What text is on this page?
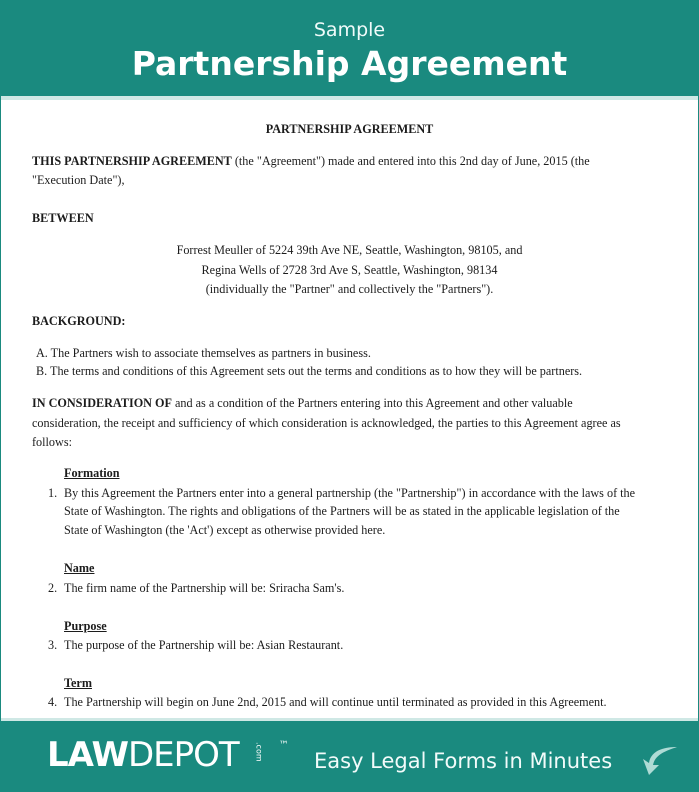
Sample
Partnership Agreement
PARTNERSHIP AGREEMENT
THIS PARTNERSHIP AGREEMENT (the "Agreement") made and entered into this 2nd day of June, 2015 (the
"Execution Date"),
BETWEEN
Forrest Meuller of 5224 39th Ave NE, Seattle, Washington, 98105, and
Regina Wells of 2728 3rd Ave S, Seattle, Washington, 98134
(individually the "Partner" and collectively the "Partners").
BACKGROUND:
A. The Partners wish to associate themselves as partners in business.
B. The terms and conditions of this Agreement sets out the terms and conditions as to how they will be partners.
IN CONSIDERATION OF and as a condition of the Partners entering into this Agreement and other valuable
consideration, the receipt and sufficiency of which consideration is acknowledged, the parties to this Agreement agree as
follows:
Formation
1. By this Agreement the Partners enter into a general partnership (the "Partnership") in accordance with the laws of the
State of Washington. The rights and obligations of the Partners will be as stated in the applicable legislation of the
State of Washington (the 'Act') except as otherwise provided here.
Name
2. The firm name of the Partnership will be: Sriracha Sam's.
Purpose
3. The purpose of the Partnership will be: Asian Restaurant.
Term
4. The Partnership will begin on June 2nd, 2015 and will continue until terminated as provided in this Agreement.
LAWDEPOT .com ™
Easy Legal Forms in Minutes
